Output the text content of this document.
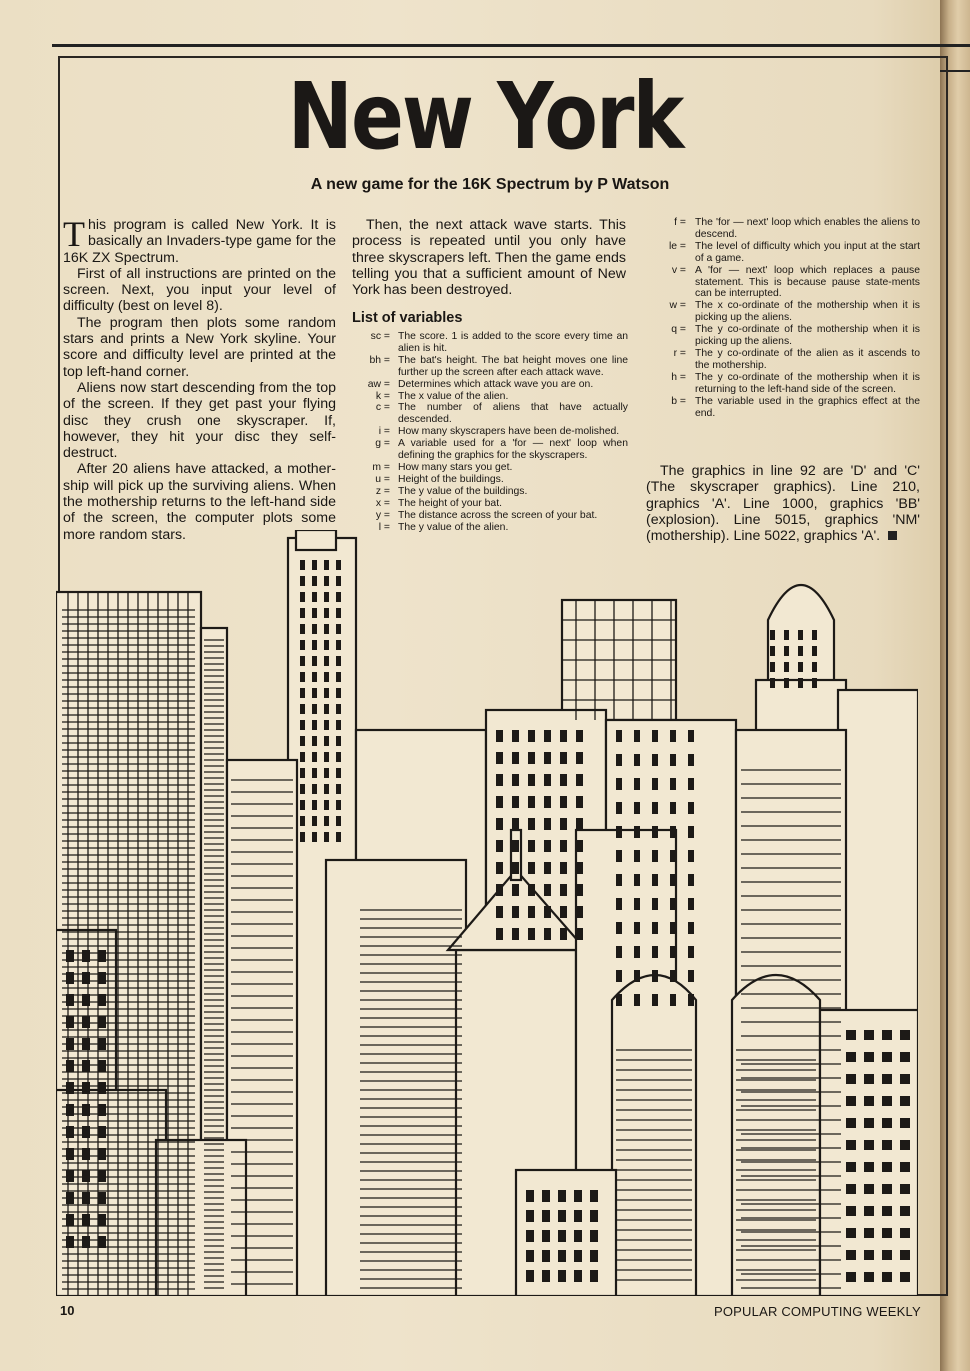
New York
A new game for the 16K Spectrum by P Watson

This program is called New York. It is basically an Invaders-type game for the 16K ZX Spectrum.

First of all instructions are printed on the screen. Next, you input your level of difficulty (best on level 8).

The program then plots some random stars and prints a New York skyline. Your score and difficulty level are printed at the top left-hand corner.

Aliens now start descending from the top of the screen. If they get past your flying disc they crush one skyscraper. If, however, they hit your disc they self-destruct.

After 20 aliens have attacked, a mother-ship will pick up the surviving aliens. When the mothership returns to the left-hand side of the screen, the computer plots some more random stars.

Then, the next attack wave starts. This process is repeated until you only have three skyscrapers left. Then the game ends telling you that a sufficient amount of New York has been destroyed.

List of variables
sc = The score. 1 is added to the score every time an alien is hit.
bh = The bat's height. The bat height moves one line further up the screen after each attack wave.
aw = Determines which attack wave you are on.
k = The x value of the alien.
c = The number of aliens that have actually descended.
i = How many skyscrapers have been de-molished.
g = A variable used for a 'for — next' loop when defining the graphics for the skyscrapers.
m = How many stars you get.
u = Height of the buildings.
z = The y value of the buildings.
x = The height of your bat.
y = The distance across the screen of your bat.
l = The y value of the alien.
f = The 'for — next' loop which enables the aliens to descend.
le = The level of difficulty which you input at the start of a game.
v = A 'for — next' loop which replaces a pause statement. This is because pause state-ments can be interrupted.
w = The x co-ordinate of the mothership when it is picking up the aliens.
q = The y co-ordinate of the mothership when it is picking up the aliens.
r = The y co-ordinate of the alien as it ascends to the mothership.
h = The y co-ordinate of the mothership when it is returning to the left-hand side of the screen.
b = The variable used in the graphics effect at the end.

The graphics in line 92 are 'D' and 'C' (The skyscraper graphics). Line 210, graphics 'A'. Line 1000, graphics 'BB' (explosion). Line 5015, graphics 'NM' (mothership). Line 5022, graphics 'A'.

10	POPULAR COMPUTING WEEKLY
